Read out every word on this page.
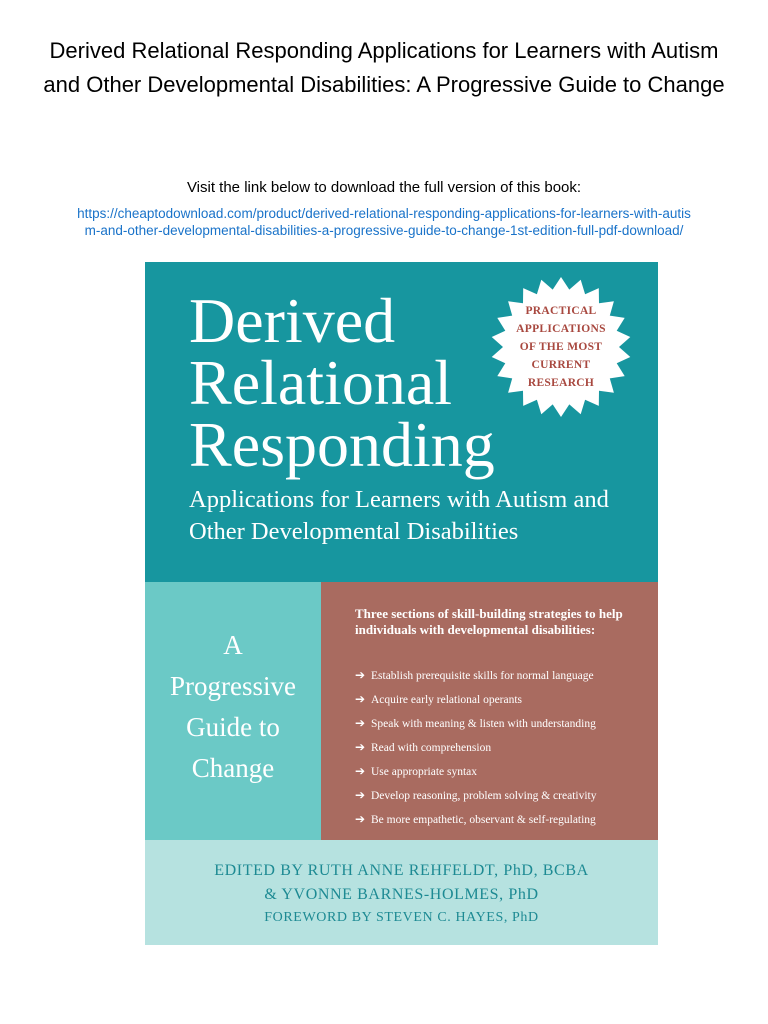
Derived Relational Responding Applications for Learners with Autism and Other Developmental Disabilities: A Progressive Guide to Change
Visit the link below to download the full version of this book:
https://cheaptodownload.com/product/derived-relational-responding-applications-for-learners-with-autism-and-other-developmental-disabilities-a-progressive-guide-to-change-1st-edition-full-pdf-download/
Derived
Relational
Responding

Applications for Learners with Autism and Other Developmental Disabilities

PRACTICAL
APPLICATIONS
OF THE MOST
CURRENT
RESEARCH
A
Progressive
Guide to
Change
Three sections of skill-building strategies to help individuals with developmental disabilities:
➔ Establish prerequisite skills for normal language
➔ Acquire early relational operants
➔ Speak with meaning & listen with understanding
➔ Read with comprehension
➔ Use appropriate syntax
➔ Develop reasoning, problem solving & creativity
➔ Be more empathetic, observant & self-regulating
EDITED BY RUTH ANNE REHFELDT, PhD, BCBA
& YVONNE BARNES-HOLMES, PhD
FOREWORD BY STEVEN C. HAYES, PhD
